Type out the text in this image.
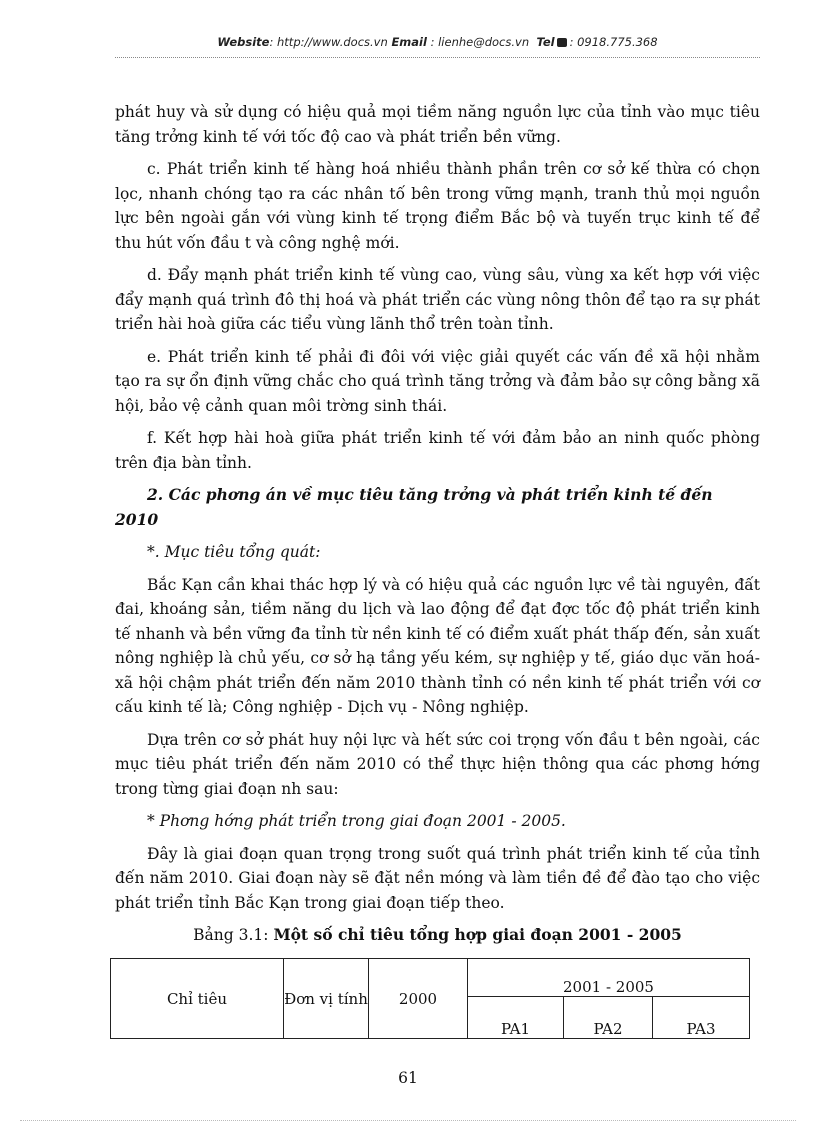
Website: http://www.docs.vn Email : lienhe@docs.vn Tel : 0918.775.368

phát huy và sử dụng có hiệu quả mọi tiềm năng nguồn lực của tỉnh vào mục tiêu tăng trởng kinh tế với tốc độ cao và phát triển bền vững.

c. Phát triển kinh tế hàng hoá nhiều thành phần trên cơ sở kế thừa có chọn lọc, nhanh chóng tạo ra các nhân tố bên trong vững mạnh, tranh thủ mọi nguồn lực bên ngoài gắn với vùng kinh tế trọng điểm Bắc bộ và tuyến trục kinh tế để thu hút vốn đầu t và công nghệ mới.

d. Đẩy mạnh phát triển kinh tế vùng cao, vùng sâu, vùng xa kết hợp với việc đẩy mạnh quá trình đô thị hoá và phát triển các vùng nông thôn để tạo ra sự phát triển hài hoà giữa các tiểu vùng lãnh thổ trên toàn tỉnh.

e. Phát triển kinh tế phải đi đôi với việc giải quyết các vấn đề xã hội nhằm tạo ra sự ổn định vững chắc cho quá trình tăng trởng và đảm bảo sự công bằng xã hội, bảo vệ cảnh quan môi trờng sinh thái.

f. Kết hợp hài hoà giữa phát triển kinh tế với đảm bảo an ninh quốc phòng trên địa bàn tỉnh.

2. Các phơng án về mục tiêu tăng trởng và phát triển kinh tế đến 2010

*. Mục tiêu tổng quát:

Bắc Kạn cần khai thác hợp lý và có hiệu quả các nguồn lực về tài nguyên, đất đai, khoáng sản, tiềm năng du lịch và lao động để đạt đợc tốc độ phát triển kinh tế nhanh và bền vững đa tỉnh từ nền kinh tế có điểm xuất phát thấp đến, sản xuất nông nghiệp là chủ yếu, cơ sở hạ tầng yếu kém, sự nghiệp y tế, giáo dục văn hoá-xã hội chậm phát triển đến năm 2010 thành tỉnh có nền kinh tế phát triển với cơ cấu kinh tế là; Công nghiệp - Dịch vụ - Nông nghiệp.

Dựa trên cơ sở phát huy nội lực và hết sức coi trọng vốn đầu t bên ngoài, các mục tiêu phát triển đến năm 2010 có thể thực hiện thông qua các phơng hớng trong từng giai đoạn nh sau:

* Phơng hớng phát triển trong giai đoạn 2001 - 2005.

Đây là giai đoạn quan trọng trong suốt quá trình phát triển kinh tế của tỉnh đến năm 2010. Giai đoạn này sẽ đặt nền móng và làm tiền đề để đào tạo cho việc phát triển tỉnh Bắc Kạn trong giai đoạn tiếp theo.

Bảng 3.1: Một số chỉ tiêu tổng hợp giai đoạn 2001 - 2005

Chỉ tiêu	Đơn vị tính	2000	2001 - 2005		
			PA1	PA2	PA3
61
